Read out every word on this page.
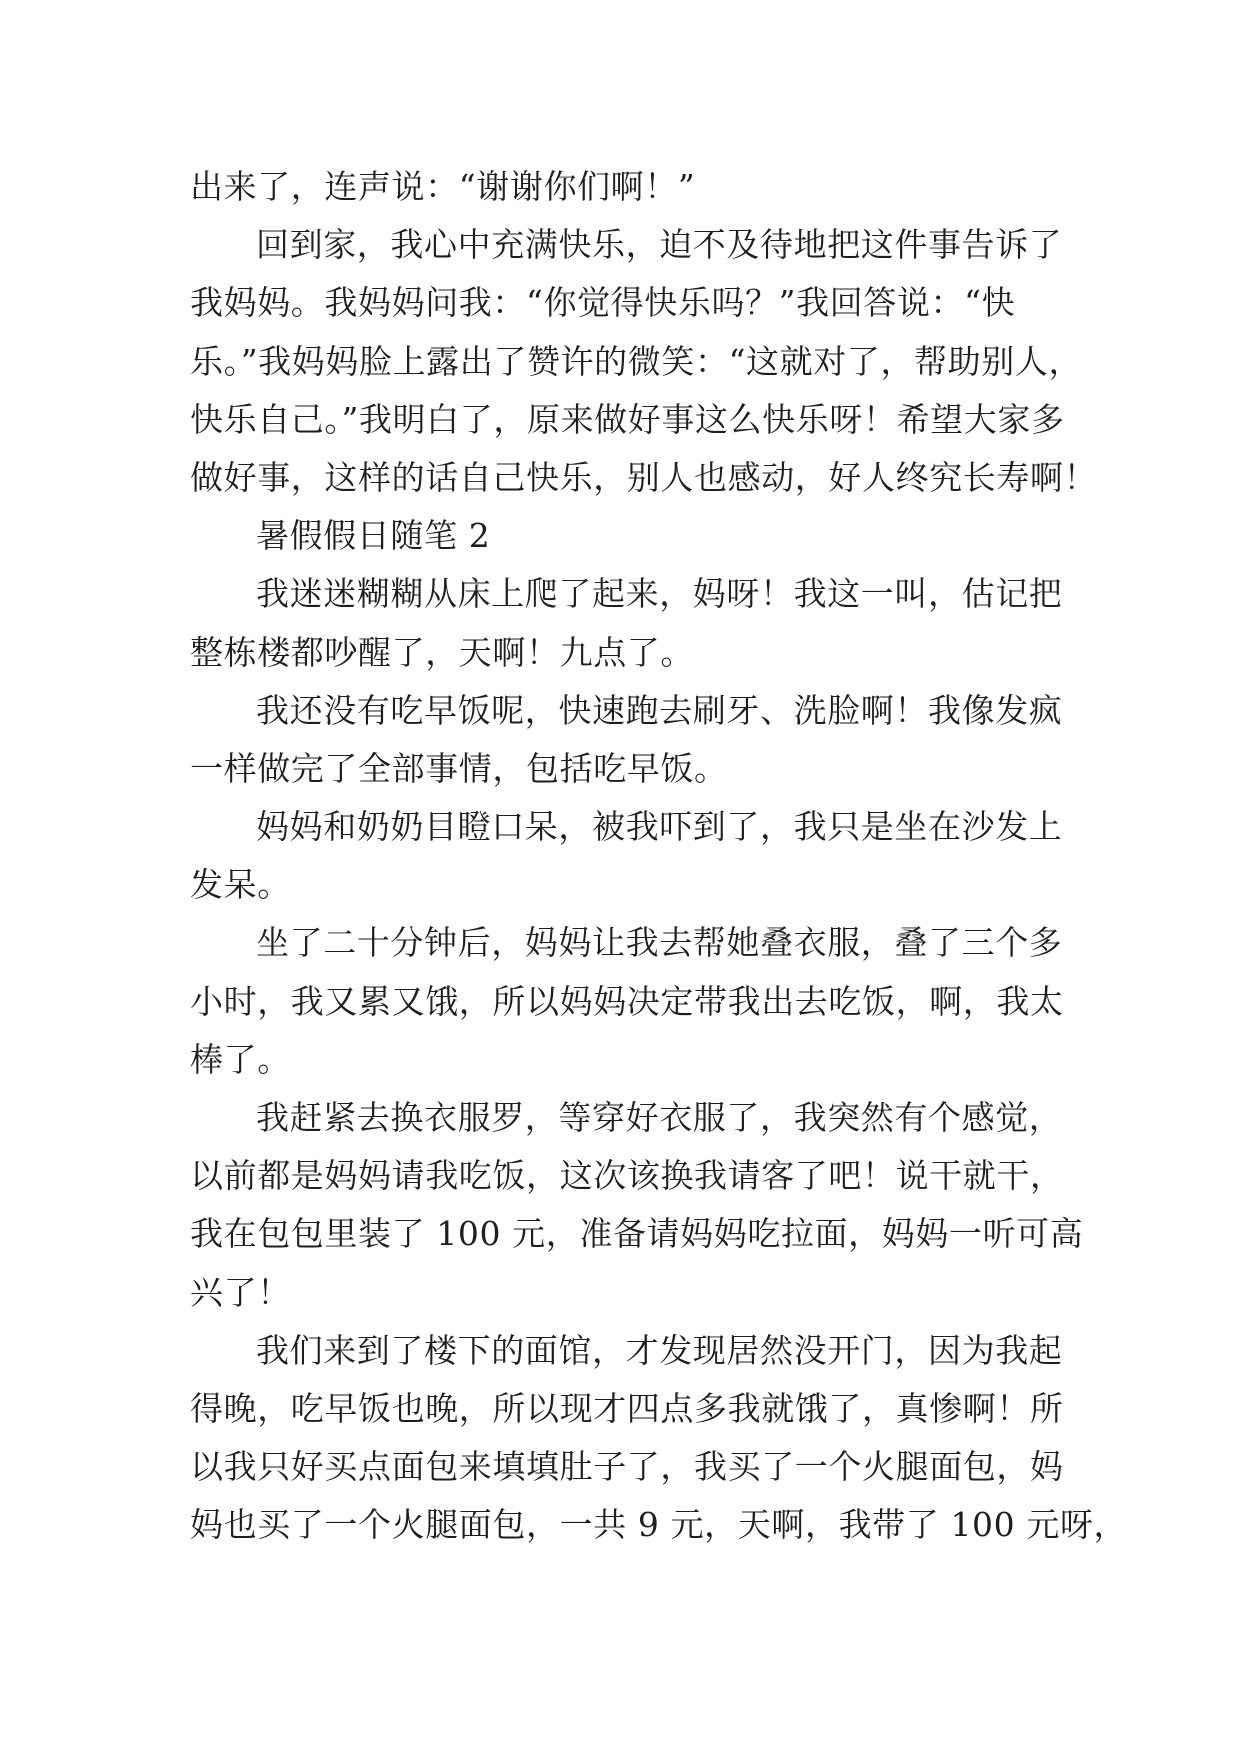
出来了，连声说：“谢谢你们啊！”
回到家，我心中充满快乐，迫不及待地把这件事告诉了
我妈妈。我妈妈问我：“你觉得快乐吗？”我回答说：“快
乐。”我妈妈脸上露出了赞许的微笑：“这就对了，帮助别人，
快乐自己。”我明白了，原来做好事这么快乐呀！希望大家多
做好事，这样的话自己快乐，别人也感动，好人终究长寿啊！
暑假假日随笔 2
我迷迷糊糊从床上爬了起来，妈呀！我这一叫，估记把
整栋楼都吵醒了，天啊！九点了。
我还没有吃早饭呢，快速跑去刷牙、洗脸啊！我像发疯
一样做完了全部事情，包括吃早饭。
妈妈和奶奶目瞪口呆，被我吓到了，我只是坐在沙发上
发呆。
坐了二十分钟后，妈妈让我去帮她叠衣服，叠了三个多
小时，我又累又饿，所以妈妈决定带我出去吃饭，啊，我太
棒了。
我赶紧去换衣服罗，等穿好衣服了，我突然有个感觉，
以前都是妈妈请我吃饭，这次该换我请客了吧！说干就干，
我在包包里装了 100 元，准备请妈妈吃拉面，妈妈一听可高
兴了！
我们来到了楼下的面馆，才发现居然没开门，因为我起
得晚，吃早饭也晚，所以现才四点多我就饿了，真惨啊！所
以我只好买点面包来填填肚子了，我买了一个火腿面包，妈
妈也买了一个火腿面包，一共 9 元，天啊，我带了 100 元呀，
